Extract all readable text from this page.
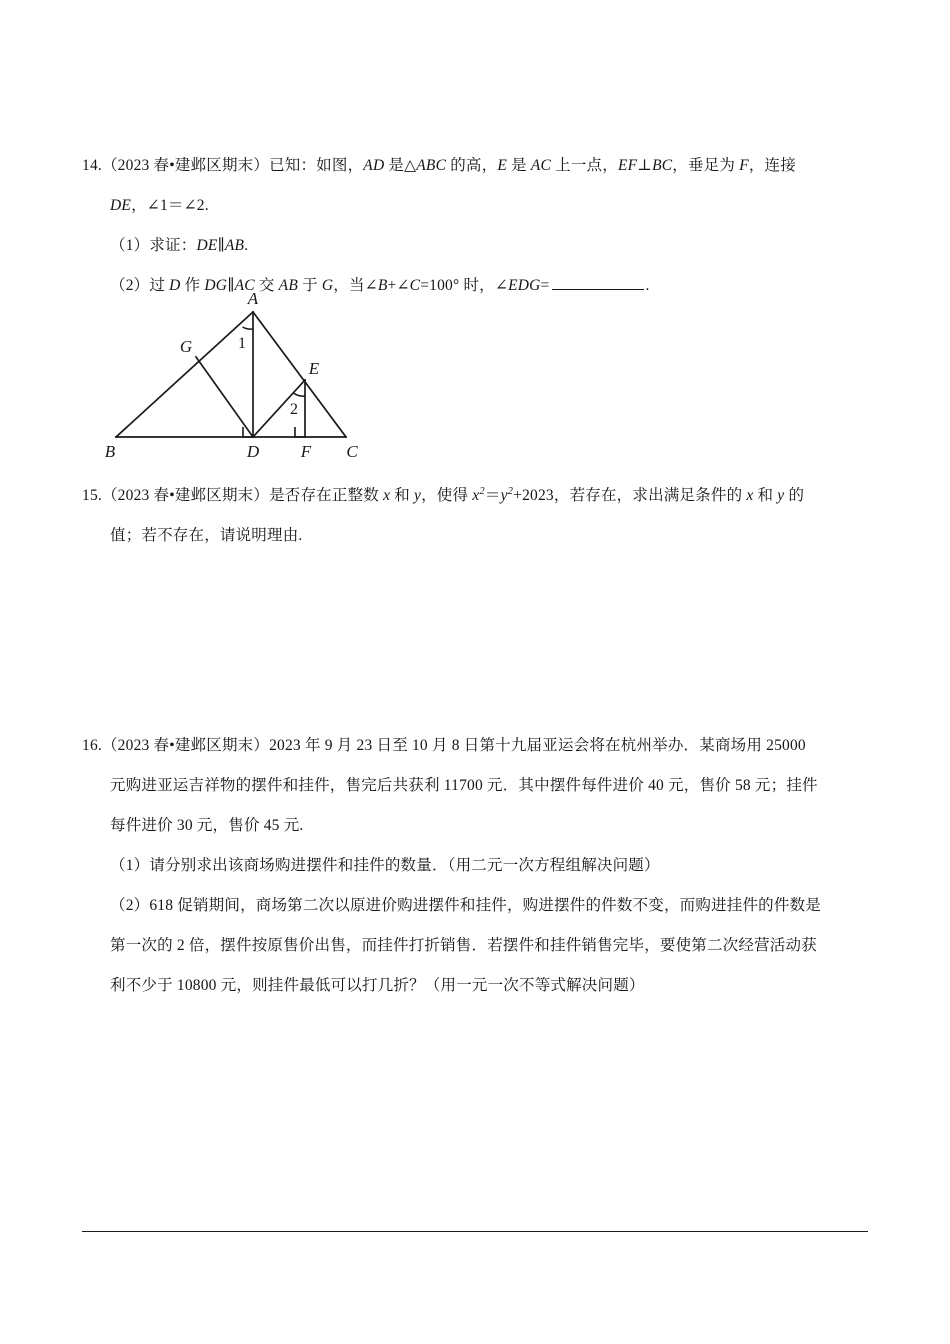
14.（2023 春•建邺区期末）已知：如图，AD 是△ABC 的高，E 是 AC 上一点，EF⊥BC，垂足为 F，连接
DE，∠1＝∠2.
（1）求证：DE∥AB.
（2）过 D 作 DG∥AC 交 AB 于 G，当∠B+∠C=100° 时，∠EDG=	.
A
B	C
D F
E
G	1
2
15.（2023 春•建邺区期末）是否存在正整数 x 和 y，使得 $x^2=y^2+2023$，若存在，求出满足条件的 x 和 y 的
值；若不存在，请说明理由.
16.（2023 春•建邺区期末）2023 年 9 月 23 日至 10 月 8 日第十九届亚运会将在杭州举办．某商场用 25000
元购进亚运吉祥物的摆件和挂件，售完后共获利 11700 元．其中摆件每件进价 40 元，售价 58 元；挂件
每件进价 30 元，售价 45 元.
（1）请分别求出该商场购进摆件和挂件的数量．（用二元一次方程组解决问题）
（2）618 促销期间，商场第二次以原进价购进摆件和挂件，购进摆件的件数不变，而购进挂件的件数是
第一次的 2 倍，摆件按原售价出售，而挂件打折销售．若摆件和挂件销售完毕，要使第二次经营活动获
利不少于 10800 元，则挂件最低可以打几折？（用一元一次不等式解决问题）
